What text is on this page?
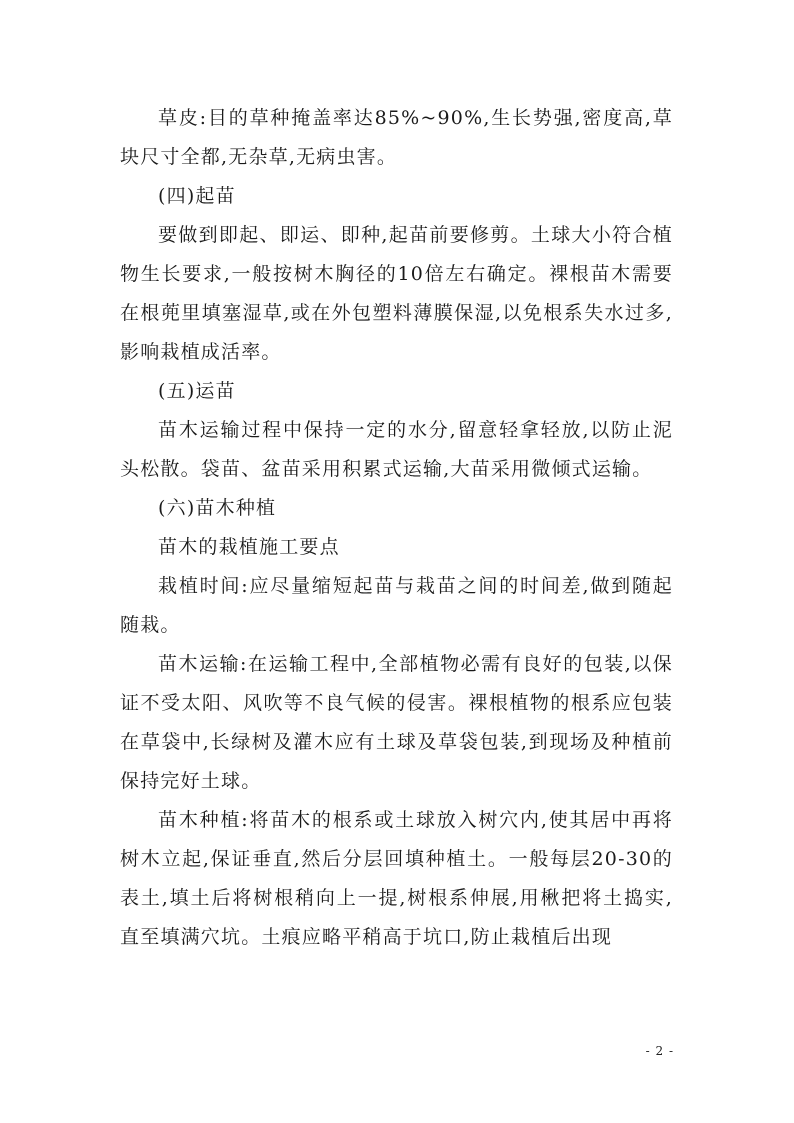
草皮:目的草种掩盖率达85%~90%,生长势强,密度高,草块尺寸全都,无杂草,无病虫害。

(四)起苗

要做到即起、即运、即种,起苗前要修剪。土球大小符合植物生长要求,一般按树木胸径的10倍左右确定。裸根苗木需要在根蔸里填塞湿草,或在外包塑料薄膜保湿,以免根系失水过多,影响栽植成活率。

(五)运苗

苗木运输过程中保持一定的水分,留意轻拿轻放,以防止泥头松散。袋苗、盆苗采用积累式运输,大苗采用微倾式运输。

(六)苗木种植

苗木的栽植施工要点

栽植时间:应尽量缩短起苗与栽苗之间的时间差,做到随起随栽。

苗木运输:在运输工程中,全部植物必需有良好的包装,以保证不受太阳、风吹等不良气候的侵害。裸根植物的根系应包装在草袋中,长绿树及灌木应有土球及草袋包装,到现场及种植前保持完好土球。

苗木种植:将苗木的根系或土球放入树穴内,使其居中再将树木立起,保证垂直,然后分层回填种植土。一般每层20-30的表土,填土后将树根稍向上一提,树根系伸展,用楸把将土捣实,直至填满穴坑。土痕应略平稍高于坑口,防止栽植后出现

- 2 -
